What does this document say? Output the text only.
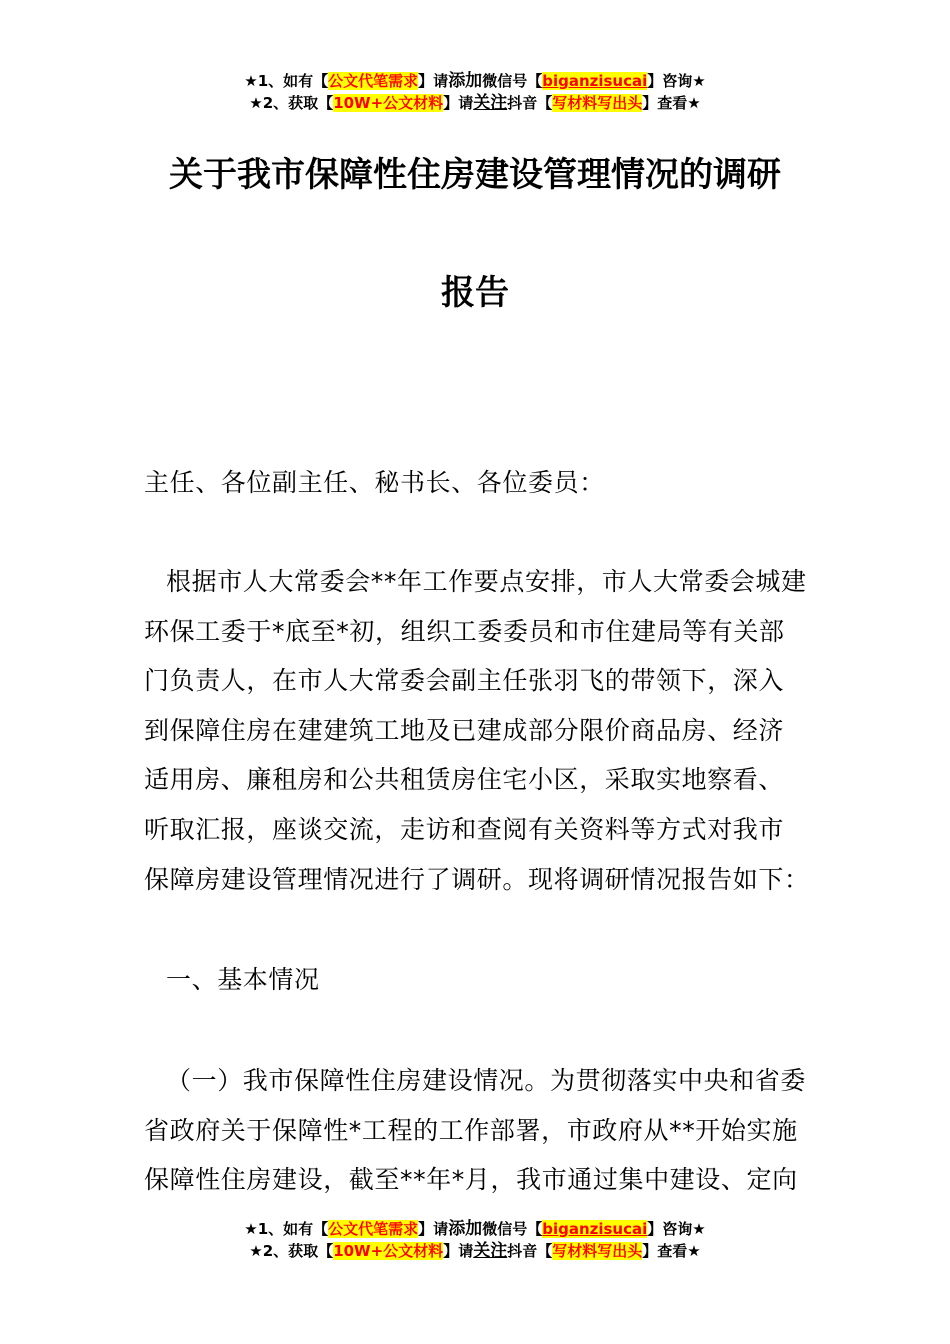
★1、如有【公文代笔需求】请添加微信号【biganzisucai】咨询★
★2、获取【10W+公文材料】请关注抖音【写材料写出头】查看★
关于我市保障性住房建设管理情况的调研
报告
主任、各位副主任、秘书长、各位委员：
根据市人大常委会**年工作要点安排，市人大常委会城建
环保工委于*底至*初，组织工委委员和市住建局等有关部
门负责人，在市人大常委会副主任张羽飞的带领下，深入
到保障住房在建建筑工地及已建成部分限价商品房、经济
适用房、廉租房和公共租赁房住宅小区，采取实地察看、
听取汇报，座谈交流，走访和查阅有关资料等方式对我市
保障房建设管理情况进行了调研。现将调研情况报告如下：
一、基本情况
（一）我市保障性住房建设情况。为贯彻落实中央和省委
省政府关于保障性*工程的工作部署，市政府从**开始实施
保障性住房建设，截至**年*月，我市通过集中建设、定向
★1、如有【公文代笔需求】请添加微信号【biganzisucai】咨询★
★2、获取【10W+公文材料】请关注抖音【写材料写出头】查看★
